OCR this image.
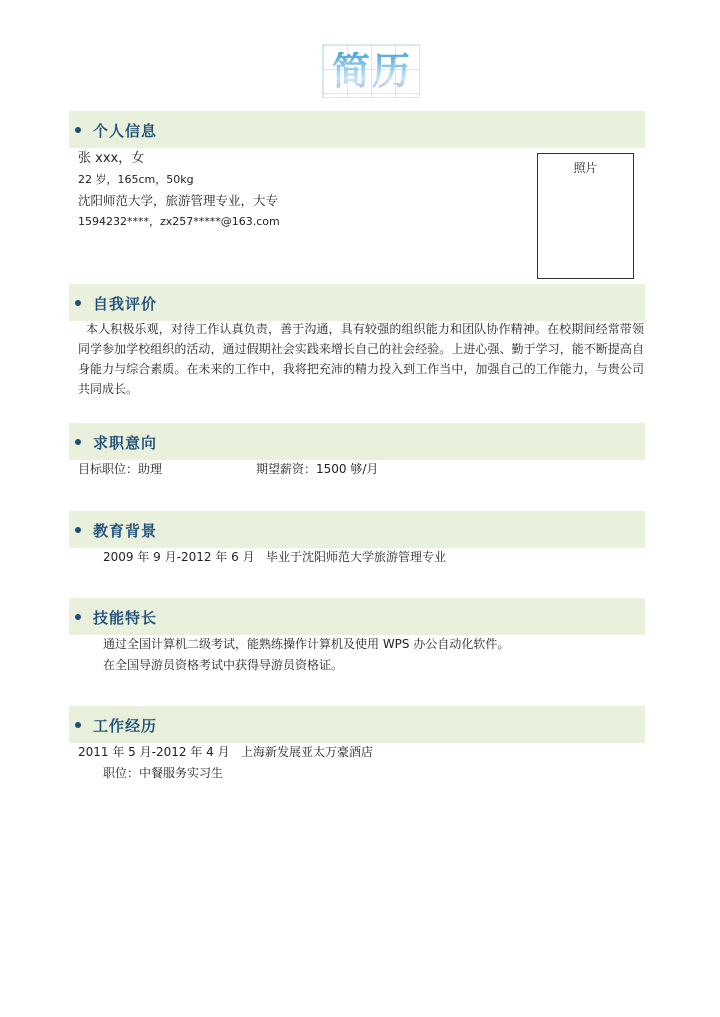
简 历
个人信息
张 xxx，女
22 岁，165cm，50kg
沈阳师范大学，旅游管理专业，大专
1594232****，zx257*****@163.com
照片
自我评价
本人积极乐观，对待工作认真负责，善于沟通，具有较强的组织能力和团队协作精神。在校期间经常带领同学参加学校组织的活动，通过假期社会实践来增长自己的社会经验。上进心强、勤于学习，能不断提高自身能力与综合素质。在未来的工作中，我将把充沛的精力投入到工作当中，加强自己的工作能力，与贵公司共同成长。
求职意向
目标职位：助理	期望薪资：1500 够/月
教育背景
2009 年 9 月-2012 年 6 月   毕业于沈阳师范大学旅游管理专业
技能特长
通过全国计算机二级考试，能熟练操作计算机及使用 WPS 办公自动化软件。
在全国导游员资格考试中获得导游员资格证。
工作经历
2011 年 5 月-2012 年 4 月   上海新发展亚太万豪酒店
职位：中餐服务实习生
